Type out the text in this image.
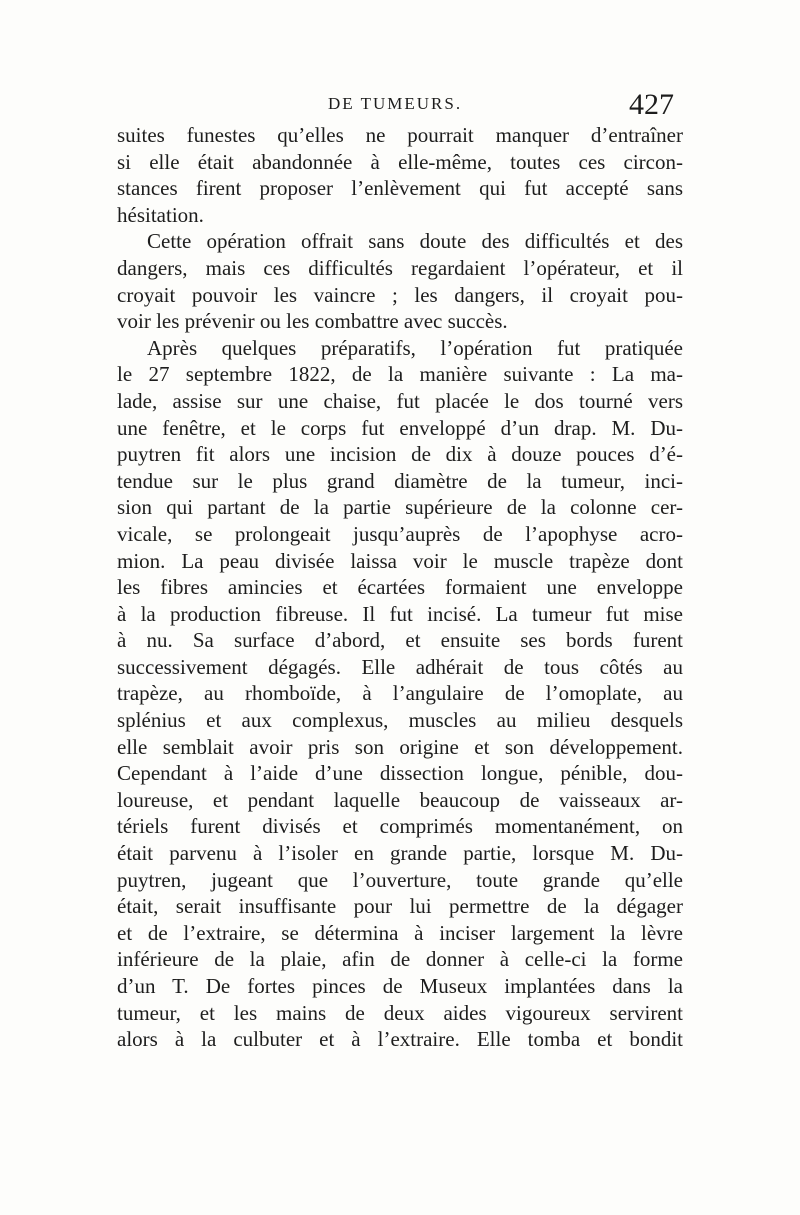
DE TUMEURS.	427
suites funestes qu’elles ne pourrait manquer d’entraîner
si elle était abandonnée à elle-même, toutes ces circon-
stances firent proposer l’enlèvement qui fut accepté sans
hésitation.
Cette opération offrait sans doute des difficultés et des
dangers, mais ces difficultés regardaient l’opérateur, et il
croyait pouvoir les vaincre ; les dangers, il croyait pou-
voir les prévenir ou les combattre avec succès.
Après quelques préparatifs, l’opération fut pratiquée
le 27 septembre 1822, de la manière suivante : La ma-
lade, assise sur une chaise, fut placée le dos tourné vers
une fenêtre, et le corps fut enveloppé d’un drap. M. Du-
puytren fit alors une incision de dix à douze pouces d’é-
tendue sur le plus grand diamètre de la tumeur, inci-
sion qui partant de la partie supérieure de la colonne cer-
vicale, se prolongeait jusqu’auprès de l’apophyse acro-
mion. La peau divisée laissa voir le muscle trapèze dont
les fibres amincies et écartées formaient une enveloppe
à la production fibreuse. Il fut incisé. La tumeur fut mise
à nu. Sa surface d’abord, et ensuite ses bords furent
successivement dégagés. Elle adhérait de tous côtés au
trapèze, au rhomboïde, à l’angulaire de l’omoplate, au
splénius et aux complexus, muscles au milieu desquels
elle semblait avoir pris son origine et son développement.
Cependant à l’aide d’une dissection longue, pénible, dou-
loureuse, et pendant laquelle beaucoup de vaisseaux ar-
tériels furent divisés et comprimés momentanément, on
était parvenu à l’isoler en grande partie, lorsque M. Du-
puytren, jugeant que l’ouverture, toute grande qu’elle
était, serait insuffisante pour lui permettre de la dégager
et de l’extraire, se détermina à inciser largement la lèvre
inférieure de la plaie, afin de donner à celle-ci la forme
d’un T. De fortes pinces de Museux implantées dans la
tumeur, et les mains de deux aides vigoureux servirent
alors à la culbuter et à l’extraire. Elle tomba et bondit
